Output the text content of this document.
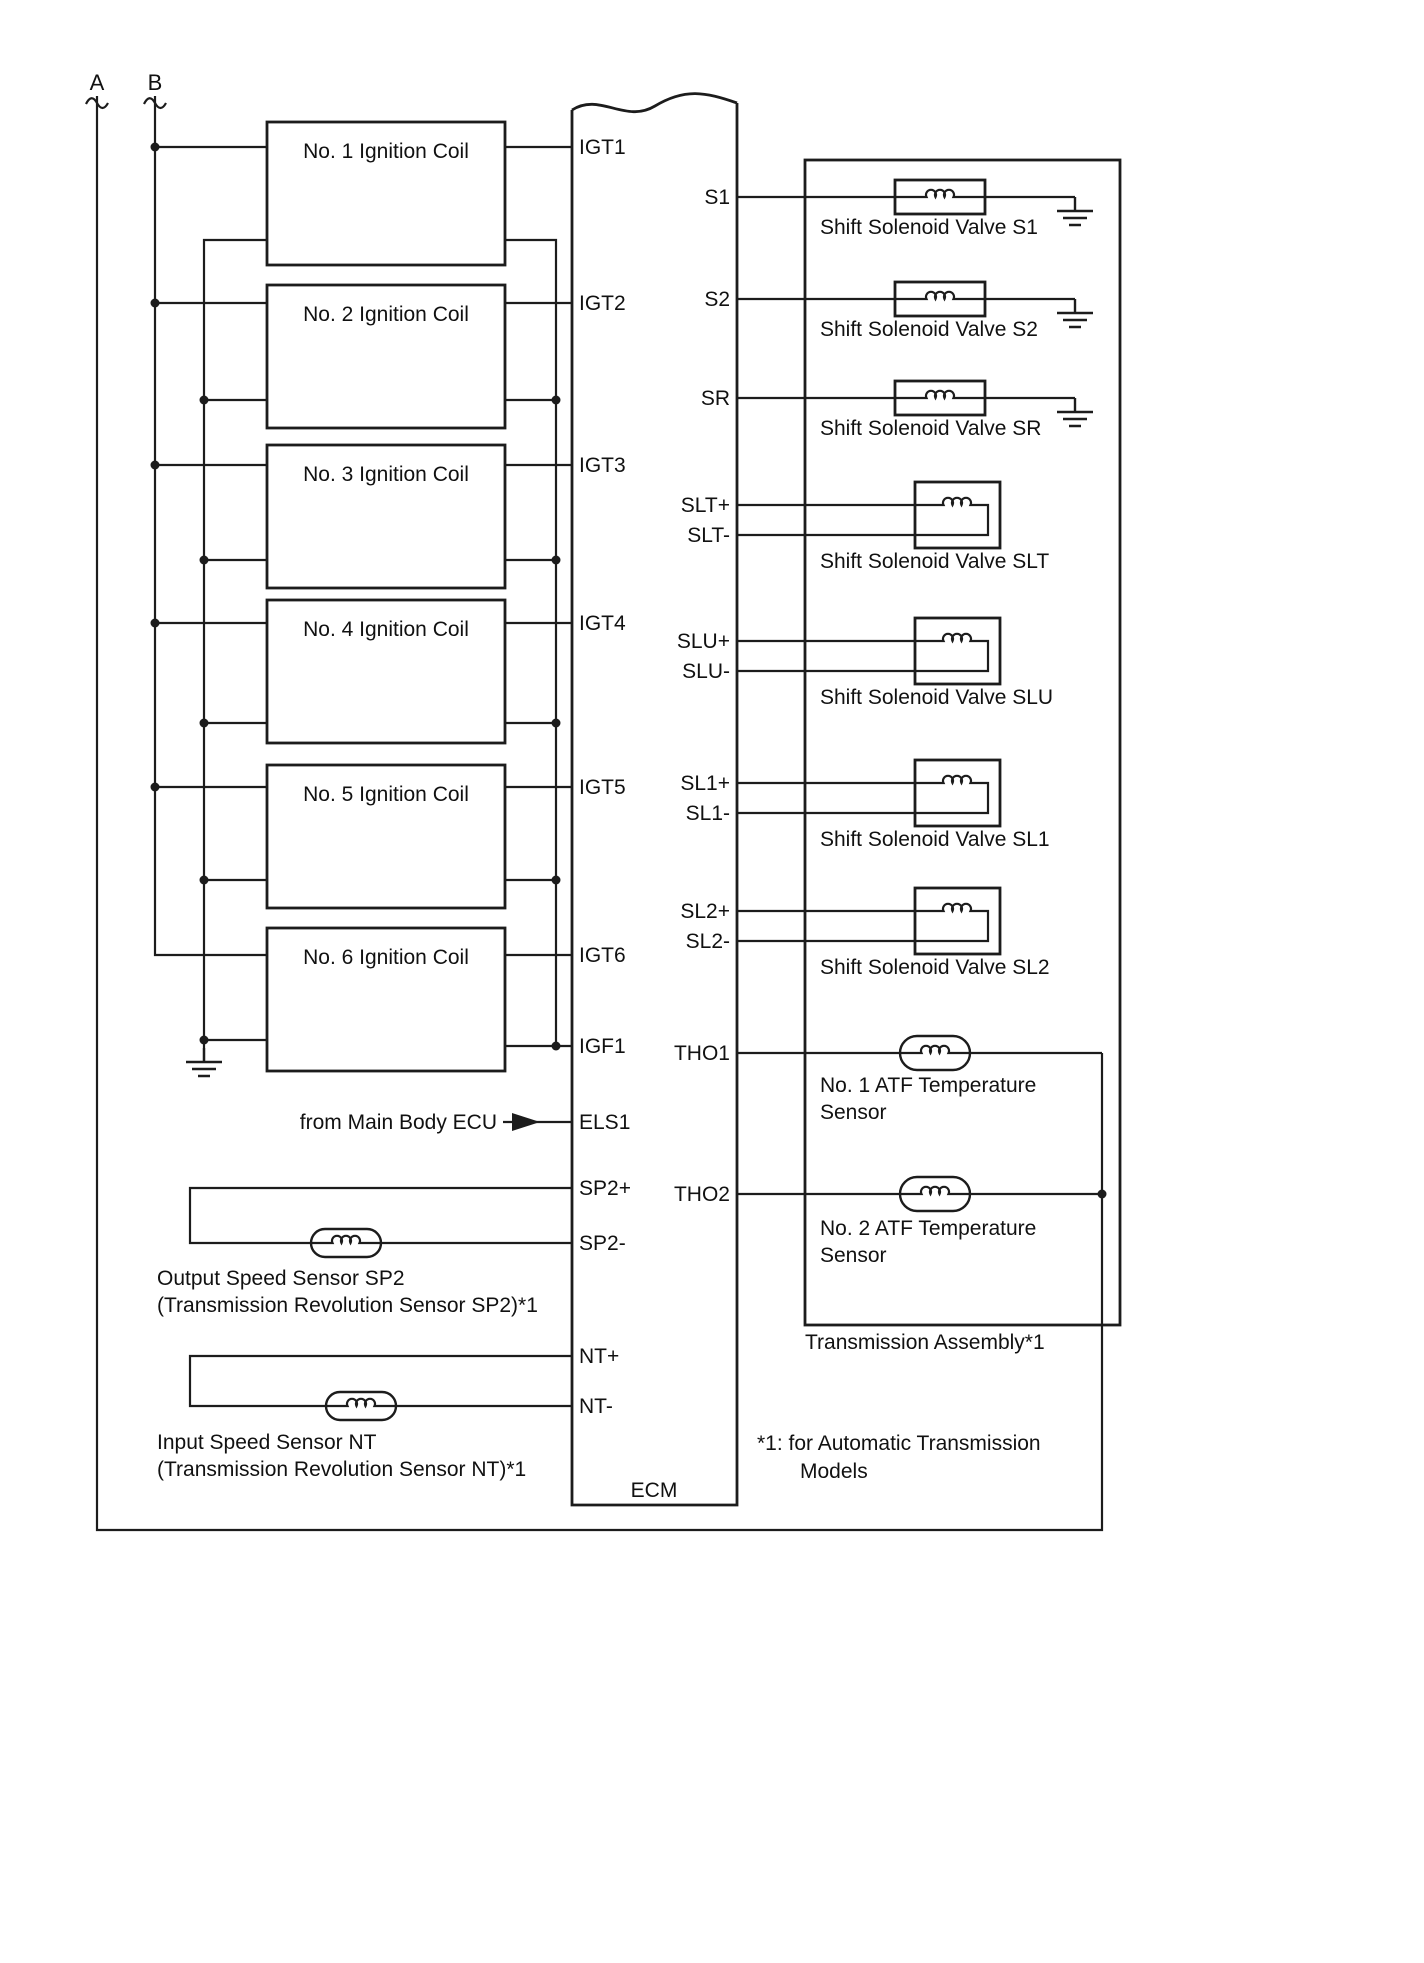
A B
No. 1 Ignition Coil
No. 2 Ignition Coil
No. 3 Ignition Coil
No. 4 Ignition Coil
No. 5 Ignition Coil
No. 6 Ignition Coil
ECM
IGT1
IGT2
IGT3
IGT4
IGT5
IGT6
IGF1
ELS1
SP2+
SP2-
NT+
NT-
S1
S2
SR
SLT+
SLT-
SLU+
SLU-
SL1+
SL1-
SL2+
SL2-
THO1
THO2
Transmission Assembly*1
Shift Solenoid Valve S1
Shift Solenoid Valve S2
Shift Solenoid Valve SR
Shift Solenoid Valve SLT
Shift Solenoid Valve SLU
Shift Solenoid Valve SL1
Shift Solenoid Valve SL2
No. 1 ATF Temperature
Sensor
No. 2 ATF Temperature
Sensor
from Main Body ECU
Output Speed Sensor SP2
(Transmission Revolution Sensor SP2)*1
Input Speed Sensor NT
(Transmission Revolution Sensor NT)*1
*1: for Automatic Transmission
Models
